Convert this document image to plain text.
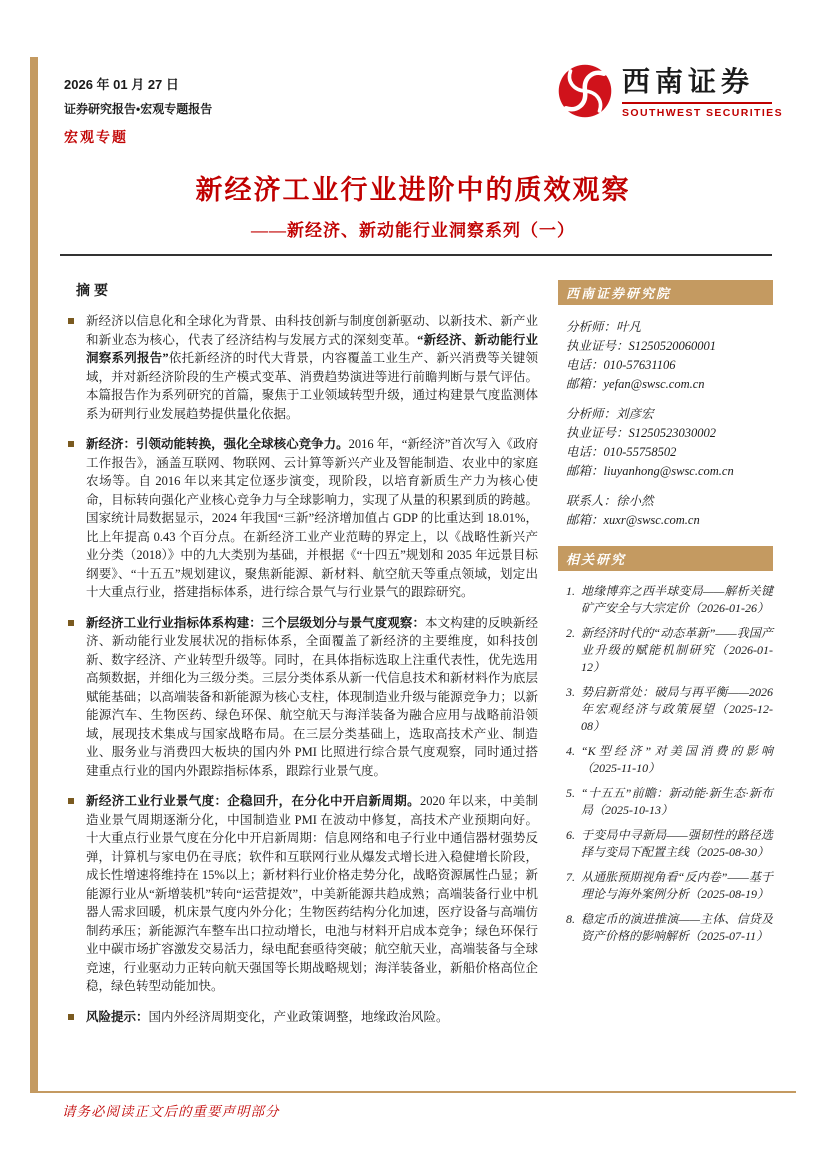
2026 年 01 月 27 日
证券研究报告•宏观专题报告
宏观专题
西南证券
SOUTHWEST SECURITIES
新经济工业行业进阶中的质效观察
——新经济、新动能行业洞察系列（一）
摘要
新经济以信息化和全球化为背景、由科技创新与制度创新驱动、以新技术、新产业和新业态为核心，代表了经济结构与发展方式的深刻变革。“新经济、新动能行业洞察系列报告”依托新经济的时代大背景，内容覆盖工业生产、新兴消费等关键领域，并对新经济阶段的生产模式变革、消费趋势演进等进行前瞻判断与景气评估。本篇报告作为系列研究的首篇，聚焦于工业领域转型升级，通过构建景气度监测体系为研判行业发展趋势提供量化依据。
新经济：引领动能转换，强化全球核心竞争力。2016 年，“新经济”首次写入《政府工作报告》，涵盖互联网、物联网、云计算等新兴产业及智能制造、农业中的家庭农场等。自 2016 年以来其定位逐步演变，现阶段，以培育新质生产力为核心使命，目标转向强化产业核心竞争力与全球影响力，实现了从量的积累到质的跨越。国家统计局数据显示，2024 年我国“三新”经济增加值占 GDP 的比重达到 18.01%，比上年提高 0.43 个百分点。在新经济工业产业范畴的界定上，以《战略性新兴产业分类（2018）》中的九大类别为基础，并根据《“十四五”规划和 2035 年远景目标纲要》、“十五五”规划建议，聚焦新能源、新材料、航空航天等重点领域，划定出十大重点行业，搭建指标体系，进行综合景气与行业景气的跟踪研究。
新经济工业行业指标体系构建：三个层级划分与景气度观察：本文构建的反映新经济、新动能行业发展状况的指标体系，全面覆盖了新经济的主要维度，如科技创新、数字经济、产业转型升级等。同时，在具体指标选取上注重代表性，优先选用高频数据，并细化为三级分类。三层分类体系从新一代信息技术和新材料作为底层赋能基础；以高端装备和新能源为核心支柱，体现制造业升级与能源竞争力；以新能源汽车、生物医药、绿色环保、航空航天与海洋装备为融合应用与战略前沿领域，展现技术集成与国家战略布局。在三层分类基础上，选取高技术产业、制造业、服务业与消费四大板块的国内外 PMI 比照进行综合景气度观察，同时通过搭建重点行业的国内外跟踪指标体系，跟踪行业景气度。
新经济工业行业景气度：企稳回升，在分化中开启新周期。2020 年以来，中美制造业景气周期逐渐分化，中国制造业 PMI 在波动中修复，高技术产业预期向好。十大重点行业景气度在分化中开启新周期：信息网络和电子行业中通信器材强势反弹，计算机与家电仍在寻底；软件和互联网行业从爆发式增长进入稳健增长阶段，成长性增速将维持在 15%以上；新材料行业价格走势分化，战略资源属性凸显；新能源行业从“新增装机”转向“运营提效”，中美新能源共趋成熟；高端装备行业中机器人需求回暖，机床景气度内外分化；生物医药结构分化加速，医疗设备与高端仿制药承压；新能源汽车整车出口拉动增长，电池与材料开启成本竞争；绿色环保行业中碳市场扩容激发交易活力，绿电配套亟待突破；航空航天业，高端装备与全球竞速，行业驱动力正转向航天强国等长期战略规划；海洋装备业，新船价格高位企稳，绿色转型动能加快。
风险提示：国内外经济周期变化，产业政策调整，地缘政治风险。
西南证券研究院
分析师：叶凡
执业证号：S1250520060001
电话：010-57631106
邮箱：yefan@swsc.com.cn
分析师：刘彦宏
执业证号：S1250523030002
电话：010-55758502
邮箱：liuyanhong@swsc.com.cn
联系人：徐小然
邮箱：xuxr@swsc.com.cn
相关研究
地缘博弈之西半球变局——解析关键矿产安全与大宗定价（2026-01-26）
新经济时代的“动态革新”——我国产业升级的赋能机制研究（2026-01-12）
势启新常处：破局与再平衡——2026年宏观经济与政策展望（2025-12-08）
“K型经济”对美国消费的影响（2025-11-10）
“十五五”前瞻：新动能·新生态·新布局（2025-10-13）
于变局中寻新局——强韧性的路径选择与变局下配置主线（2025-08-30）
从通胀预期视角看“反内卷”——基于理论与海外案例分析（2025-08-19）
稳定币的演进推演——主体、信贷及资产价格的影响解析（2025-07-11）
请务必阅读正文后的重要声明部分
